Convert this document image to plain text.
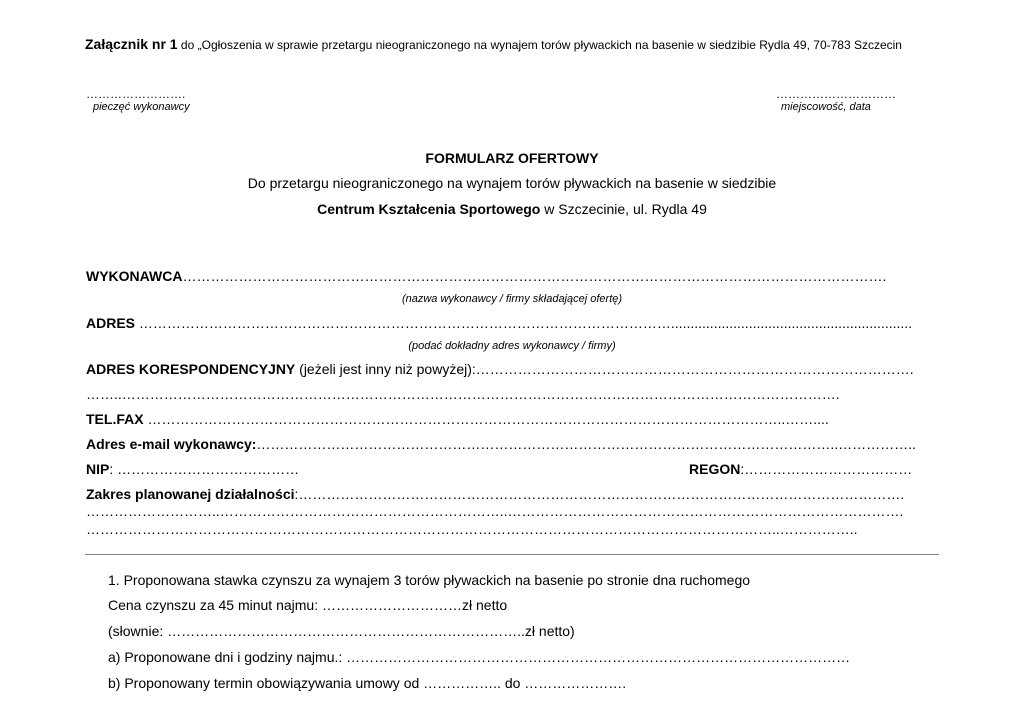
Załącznik nr 1 do „Ogłoszenia w sprawie przetargu nieograniczonego na wynajem torów pływackich na basenie w siedzibie Rydla 49, 70-783 Szczecin
…………………….
pieczęć wykonawcy
…………………………
miejscowość, data
FORMULARZ OFERTOWY
Do przetargu nieograniczonego na wynajem torów pływackich na basenie w siedzibie
Centrum Kształcenia Sportowego w Szczecinie, ul. Rydla 49
WYKONAWCA…………………………………………………………………………………………………………………………………….
(nazwa wykonawcy / firmy składającej ofertę)
ADRES ……………………………………………………………………………………………………..............................................................
(podać dokładny adres wykonawcy / firmy)
ADRES KORESPONDENCYJNY (jeżeli jest inny niż powyżej):………………………………………………………………………………….
……..……………………………………………………………………………………………………………………………………….
TEL.FAX ………………………………………………………………………………………………………………………..……....
Adres e-mail wykonawcy:……………………………………………………………………………………………………………..……………..
NIP: …………………………………	REGON:………………………………
Zakres planowanej działalności:………………………………………………………………………………………………………………….
………………………..……………………………………………………..………………………………………………………………………….
…………………………………………………………………………………………………………………………………..……………..
1. Proponowana stawka czynszu za wynajem 3 torów pływackich na basenie po stronie dna ruchomego
Cena czynszu za 45 minut najmu: …………………………zł netto
(słownie: …………………………………………………………………..zł netto)
a) Proponowane dni i godziny najmu.: ………………………………………………………………………………………………
b) Proponowany termin obowiązywania umowy od …………….. do ………………….
